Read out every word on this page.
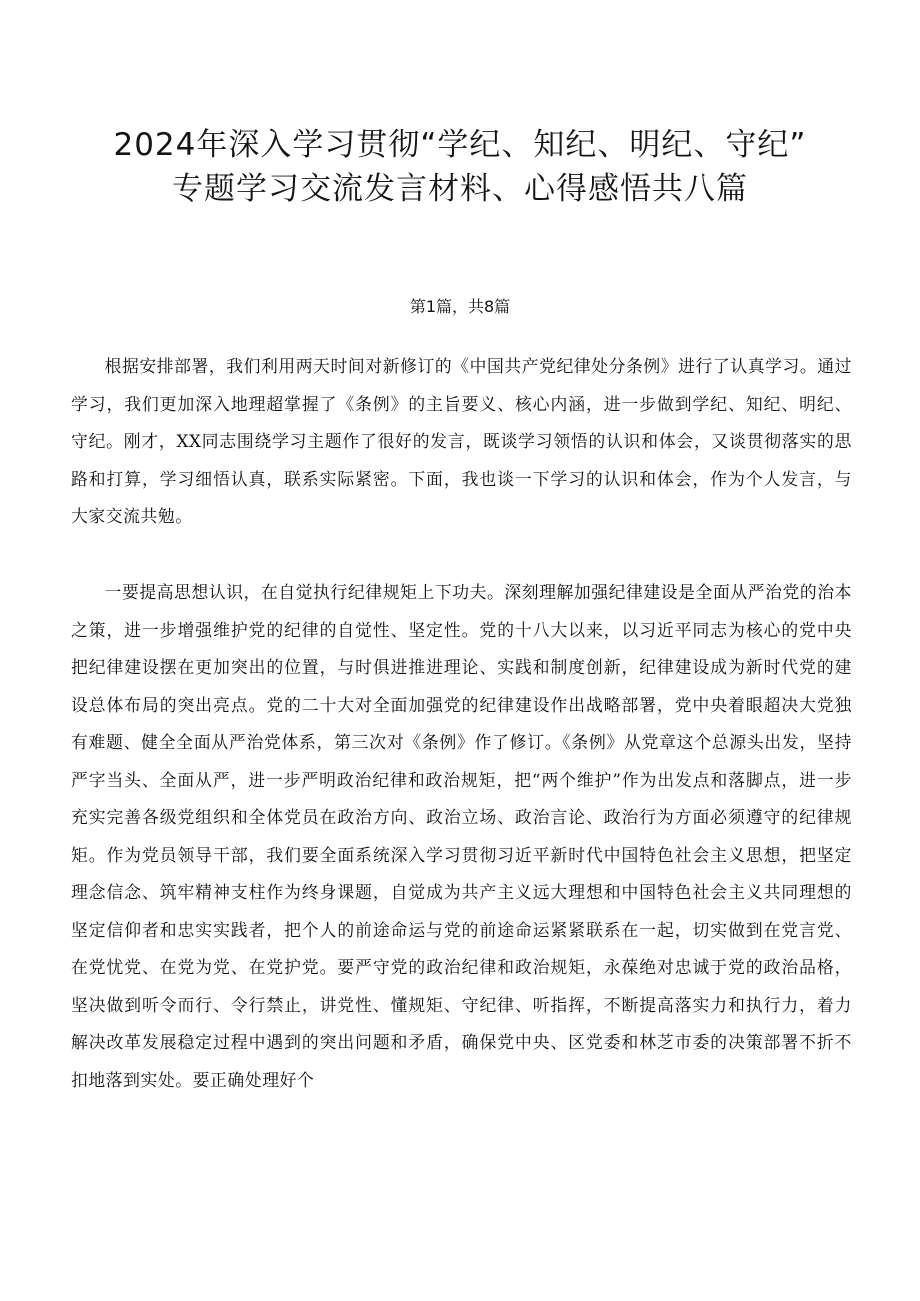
2024年深入学习贯彻“学纪、知纪、明纪、守纪”
专题学习交流发言材料、心得感悟共八篇
第1篇，共8篇

根据安排部署，我们利用两天时间对新修订的《中国共产党纪律处分条例》进行了认真学习。通过学习，我们更加深入地理超掌握了《条例》的主旨要义、核心内涵，进一步做到学纪、知纪、明纪、守纪。刚才，XX同志围绕学习主题作了很好的发言，既谈学习领悟的认识和体会，又谈贯彻落实的思路和打算，学习细悟认真，联系实际紧密。下面，我也谈一下学习的认识和体会，作为个人发言，与大家交流共勉。

一要提高思想认识，在自觉执行纪律规矩上下功夫。深刻理解加强纪律建设是全面从严治党的治本之策，进一步增强维护党的纪律的自觉性、坚定性。党的十八大以来，以习近平同志为核心的党中央把纪律建设摆在更加突出的位置，与时俱进推进理论、实践和制度创新，纪律建设成为新时代党的建设总体布局的突出亮点。党的二十大对全面加强党的纪律建设作出战略部署，党中央着眼超决大党独有难题、健全全面从严治党体系，第三次对《条例》作了修订。《条例》从党章这个总源头出发，坚持严字当头、全面从严，进一步严明政治纪律和政治规矩，把“两个维护”作为出发点和落脚点，进一步充实完善各级党组织和全体党员在政治方向、政治立场、政治言论、政治行为方面必须遵守的纪律规矩。作为党员领导干部，我们要全面系统深入学习贯彻习近平新时代中国特色社会主义思想，把坚定理念信念、筑牢精神支柱作为终身课题，自觉成为共产主义远大理想和中国特色社会主义共同理想的坚定信仰者和忠实实践者，把个人的前途命运与党的前途命运紧紧联系在一起，切实做到在党言党、在党忧党、在党为党、在党护党。要严守党的政治纪律和政治规矩，永葆绝对忠诚于党的政治品格，坚决做到听令而行、令行禁止，讲党性、懂规矩、守纪律、听指挥，不断提高落实力和执行力，着力解决改革发展稳定过程中遇到的突出问题和矛盾，确保党中央、区党委和林芝市委的决策部署不折不扣地落到实处。要正确处理好个
